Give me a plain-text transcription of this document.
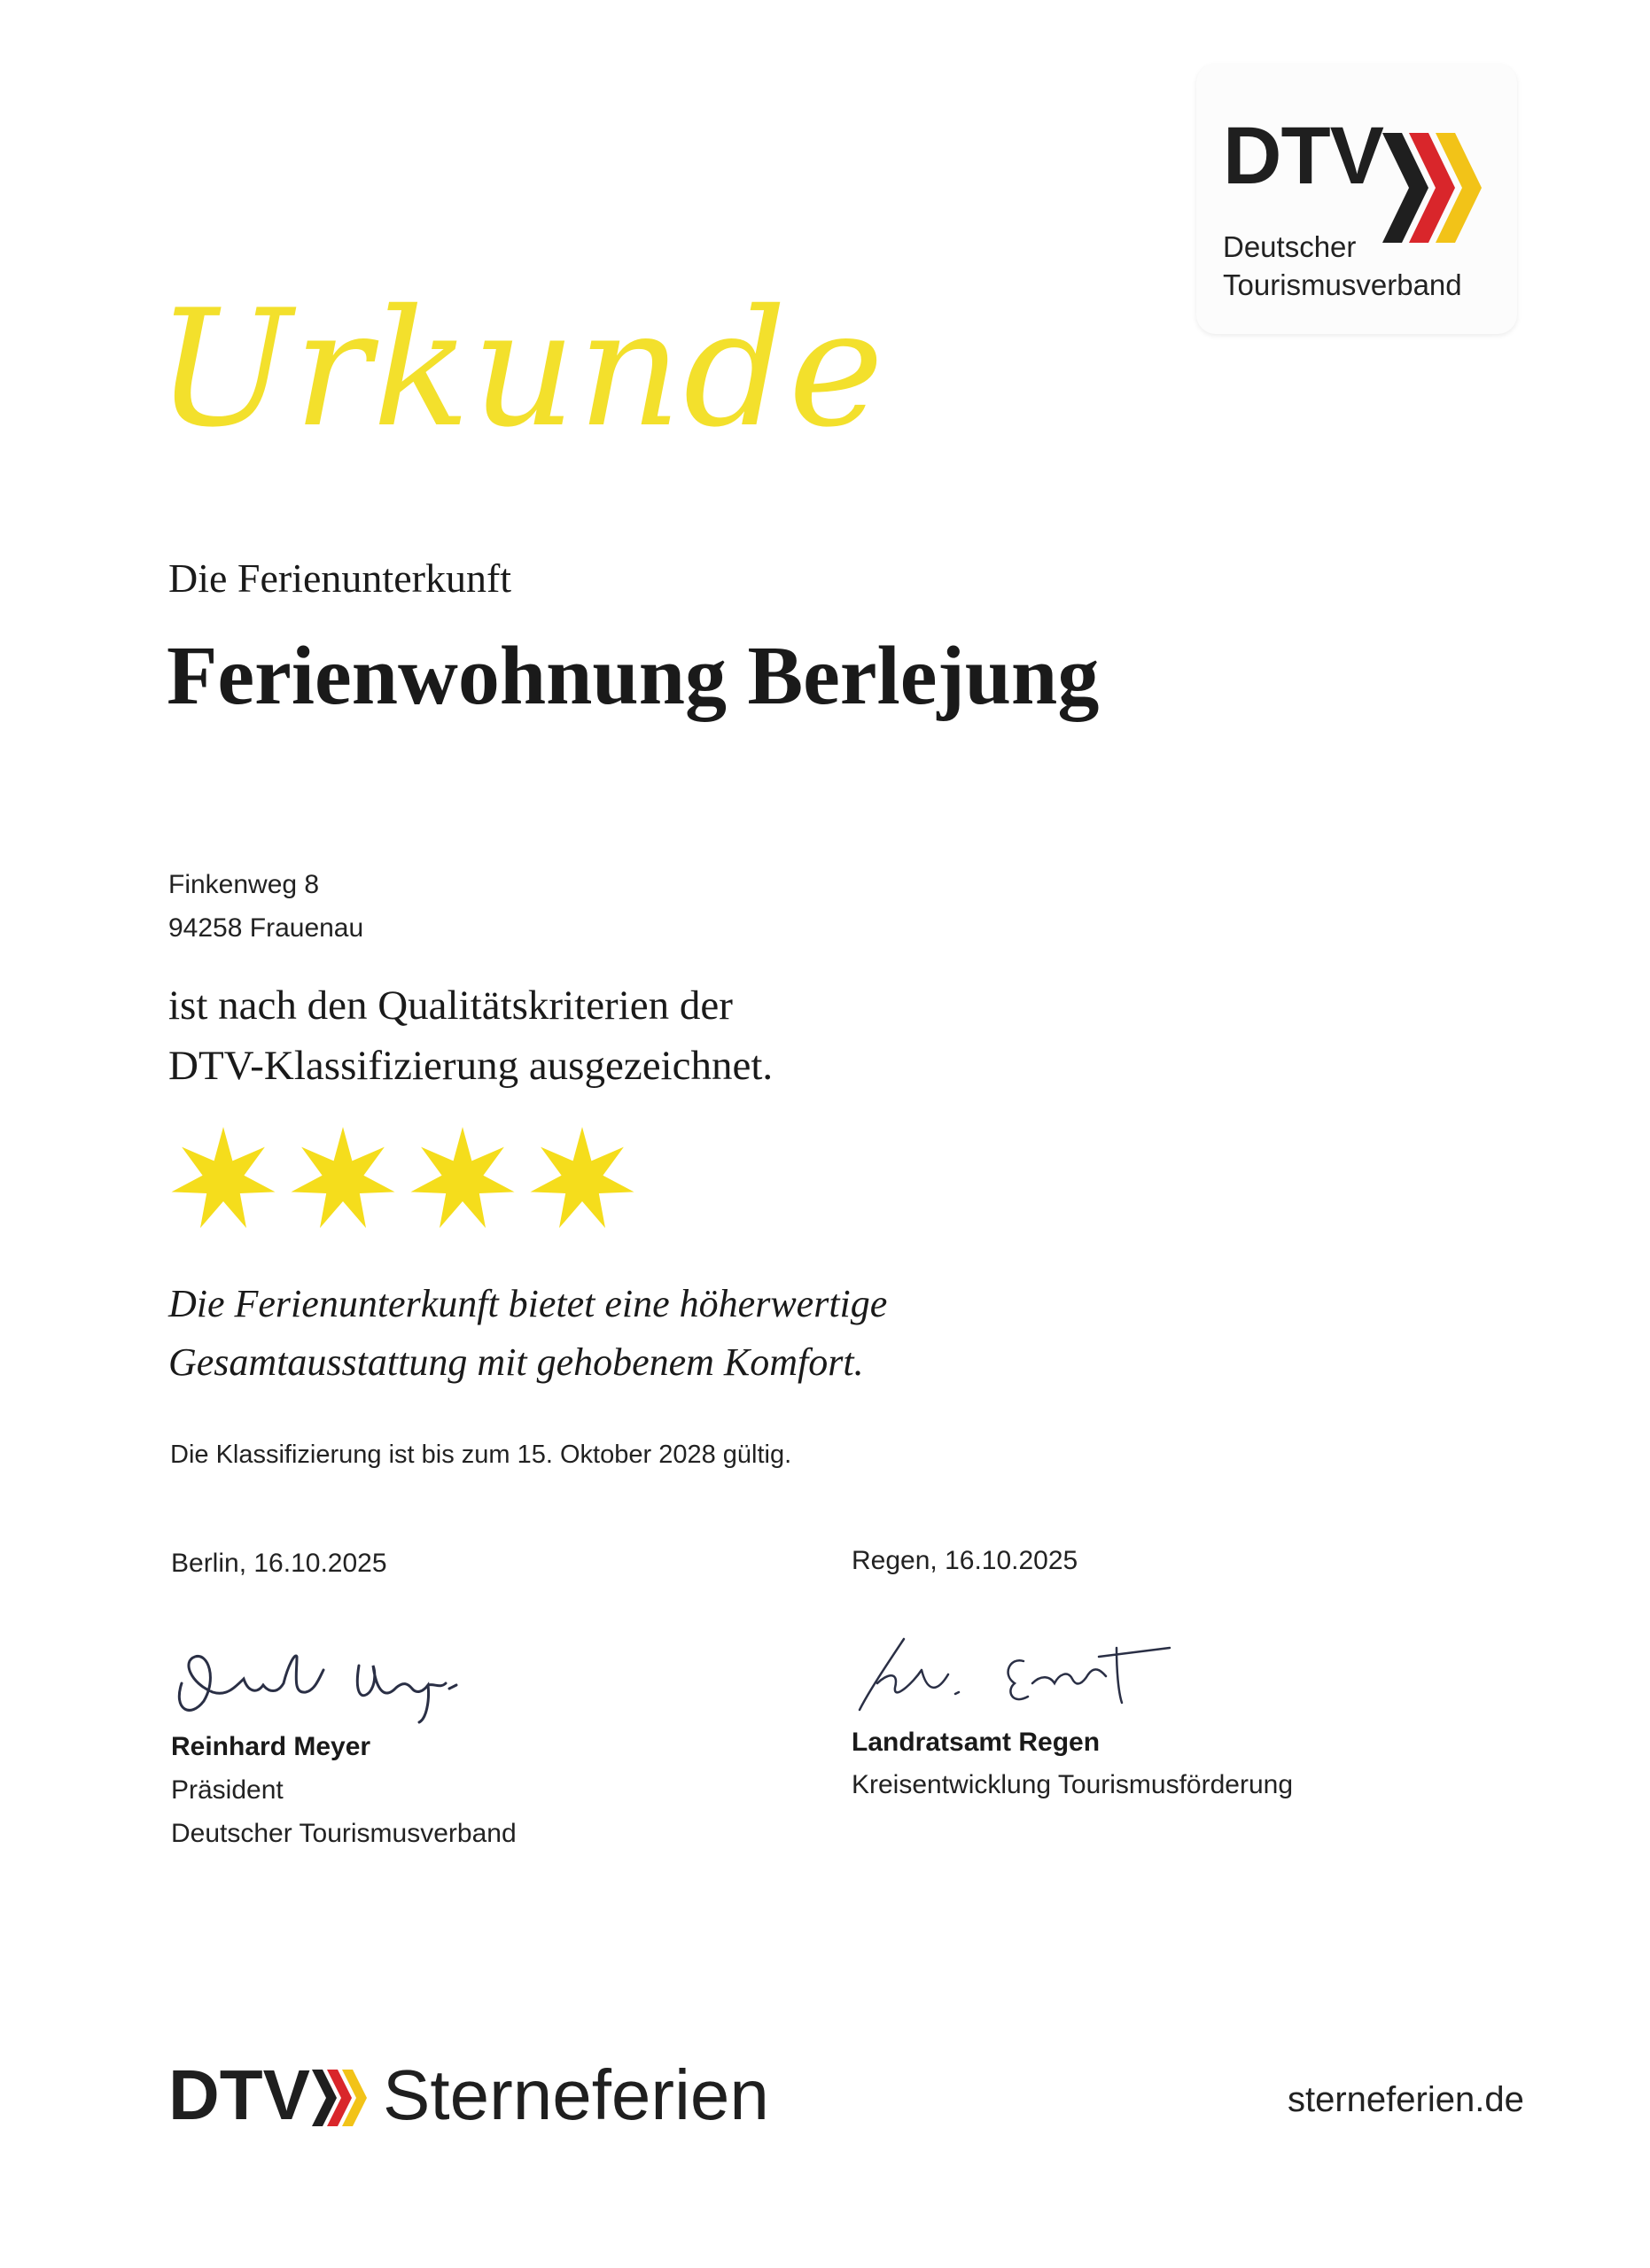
DTV
Deutscher
Tourismusverband
Urkunde
Die Ferienunterkunft
Ferienwohnung Berlejung
Finkenweg 8
94258 Frauenau
ist nach den Qualitätskriterien der
DTV-Klassifizierung ausgezeichnet.
Die Ferienunterkunft bietet eine höherwertige
Gesamtausstattung mit gehobenem Komfort.
Die Klassifizierung ist bis zum 15. Oktober 2028 gültig.
Berlin, 16.10.2025	Regen, 16.10.2025
Reinhard Meyer
Präsident
Deutscher Tourismusverband
Landratsamt Regen
Kreisentwicklung Tourismusförderung
DTV Sterneferien	sterneferien.de
